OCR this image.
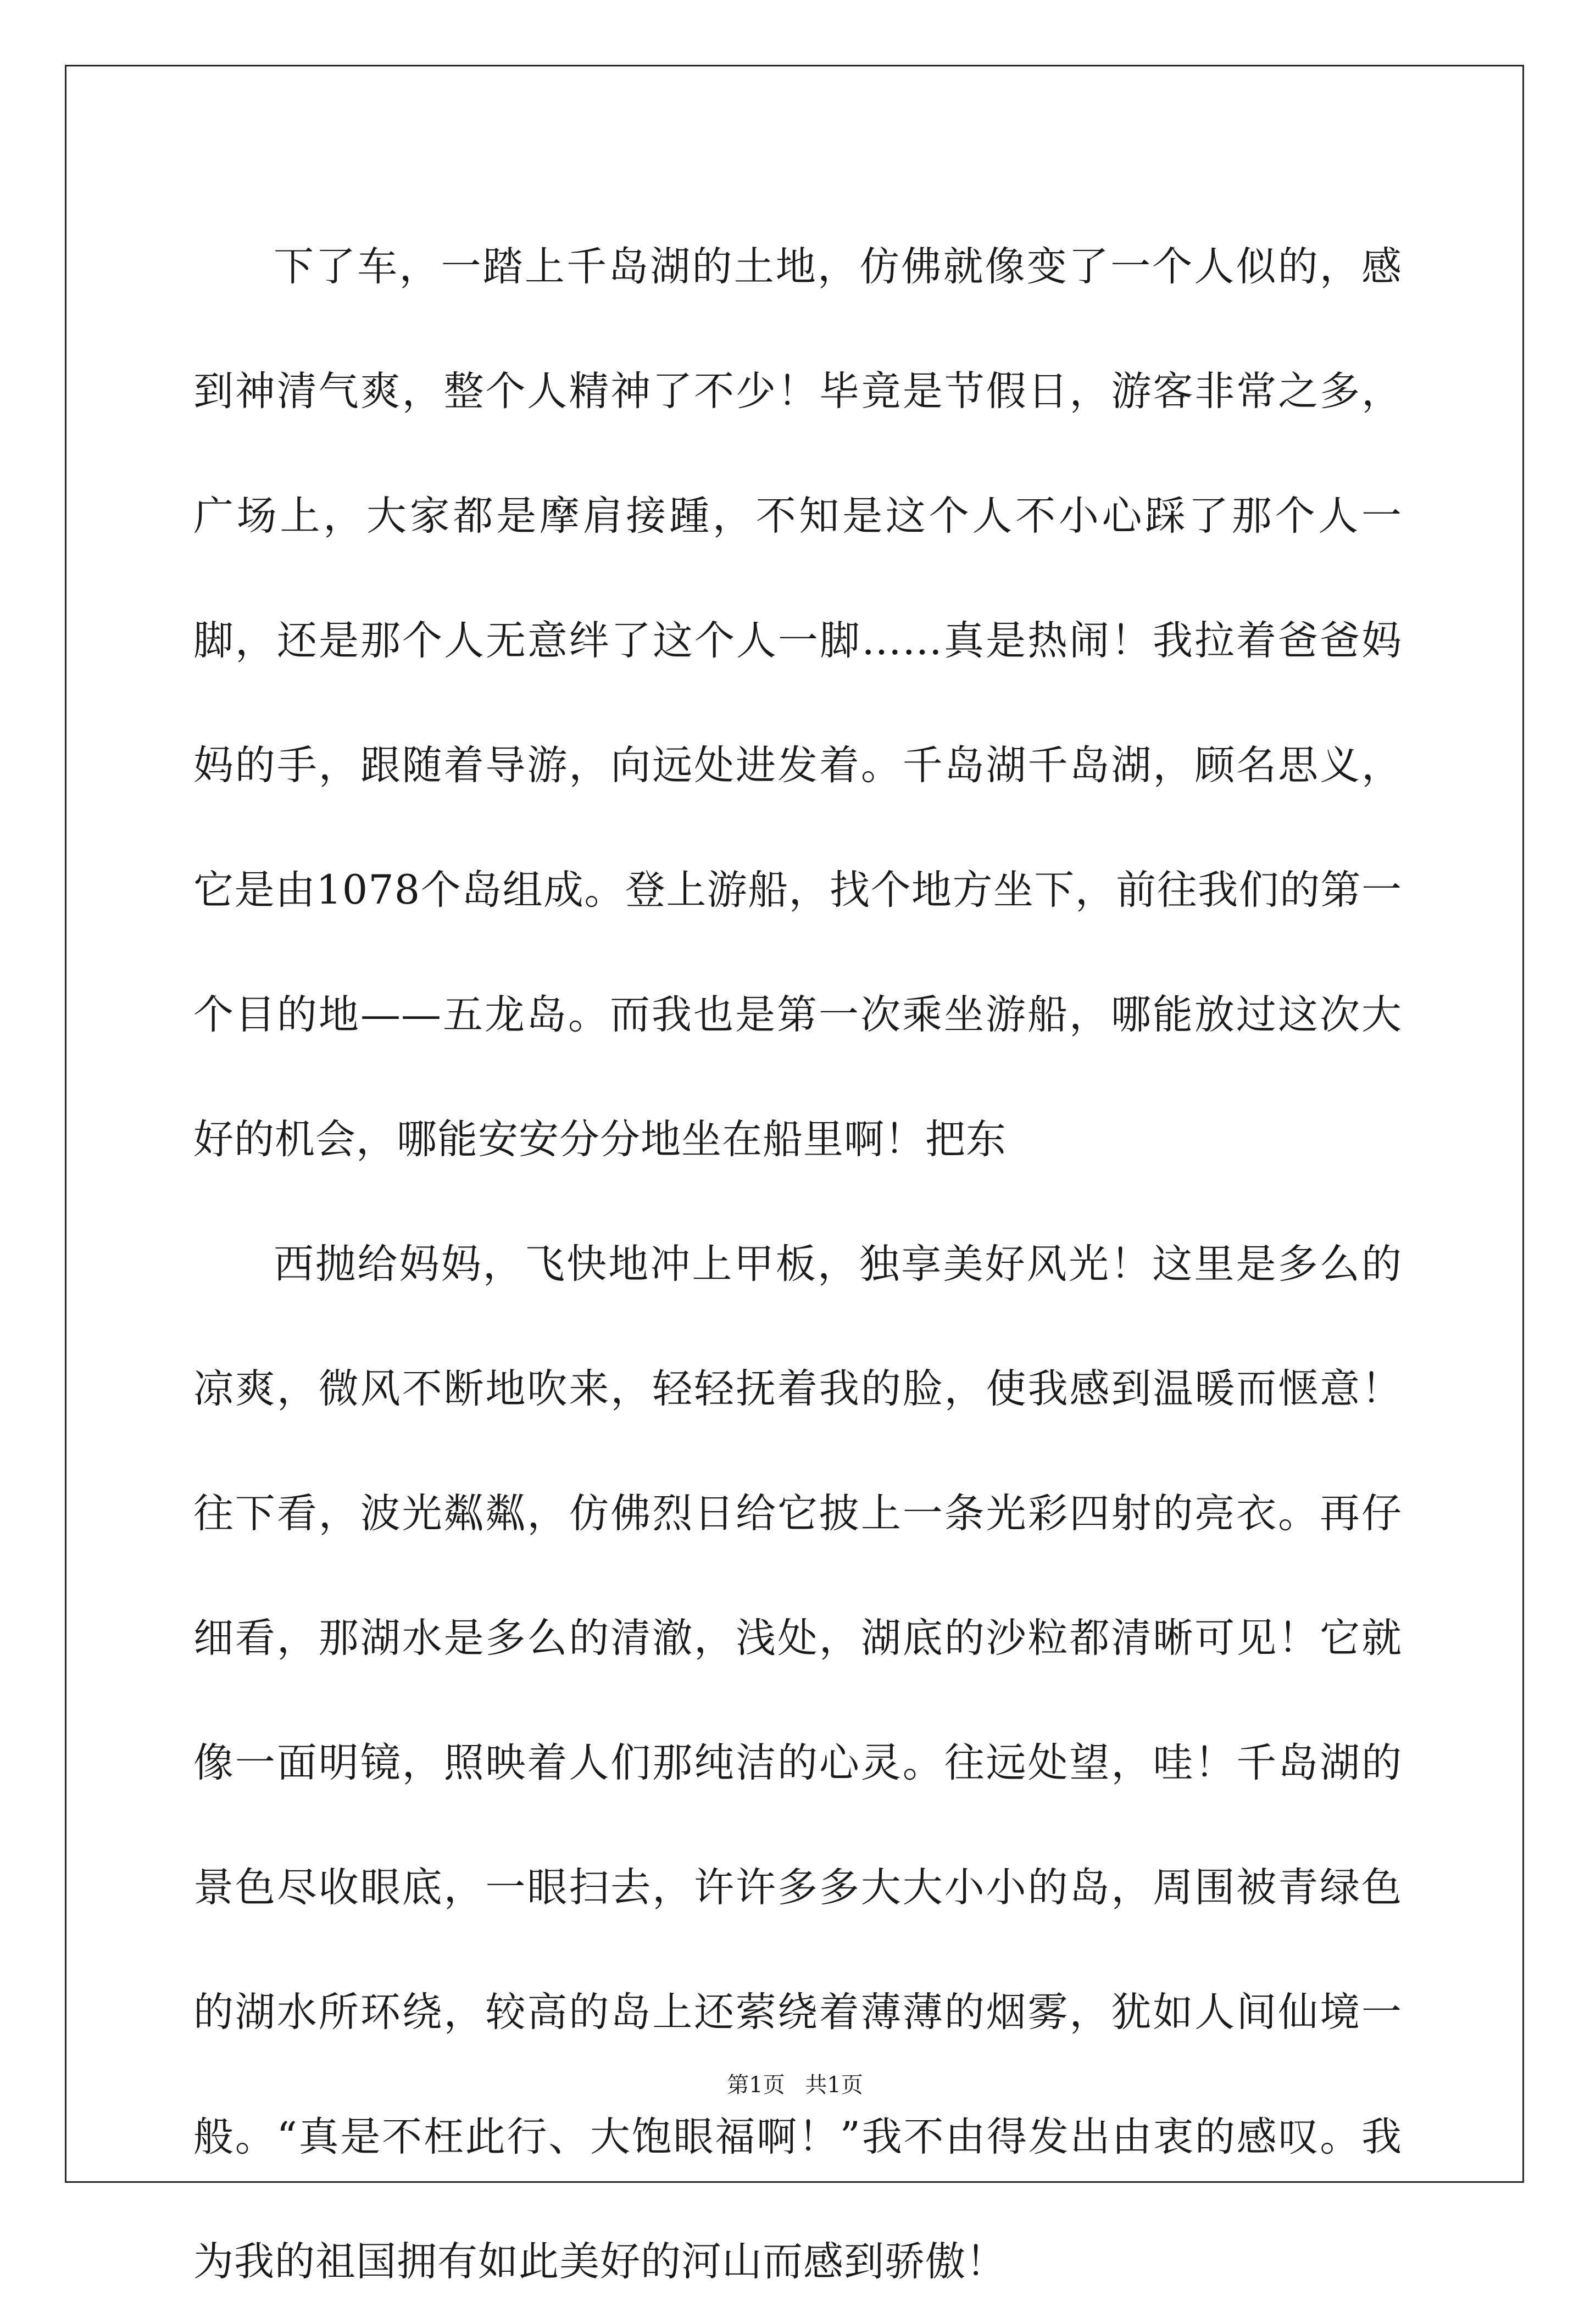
下了车，一踏上千岛湖的土地，仿佛就像变了一个人似的，感到神清气爽，整个人精神了不少！毕竟是节假日，游客非常之多，广场上，大家都是摩肩接踵，不知是这个人不小心踩了那个人一脚，还是那个人无意绊了这个人一脚……真是热闹！我拉着爸爸妈妈的手，跟随着导游，向远处进发着。千岛湖千岛湖，顾名思义，它是由1078个岛组成。登上游船，找个地方坐下，前往我们的第一个目的地——五龙岛。而我也是第一次乘坐游船，哪能放过这次大好的机会，哪能安安分分地坐在船里啊！把东

西抛给妈妈，飞快地冲上甲板，独享美好风光！这里是多么的凉爽，微风不断地吹来，轻轻抚着我的脸，使我感到温暖而惬意！往下看，波光粼粼，仿佛烈日给它披上一条光彩四射的亮衣。再仔细看，那湖水是多么的清澈，浅处，湖底的沙粒都清晰可见！它就像一面明镜，照映着人们那纯洁的心灵。往远处望，哇！千岛湖的景色尽收眼底，一眼扫去，许许多多大大小小的岛，周围被青绿色的湖水所环绕，较高的岛上还萦绕着薄薄的烟雾，犹如人间仙境一般。“真是不枉此行、大饱眼福啊！”我不由得发出由衷的感叹。我为我的祖国拥有如此美好的河山而感到骄傲！

第1页 共1页
